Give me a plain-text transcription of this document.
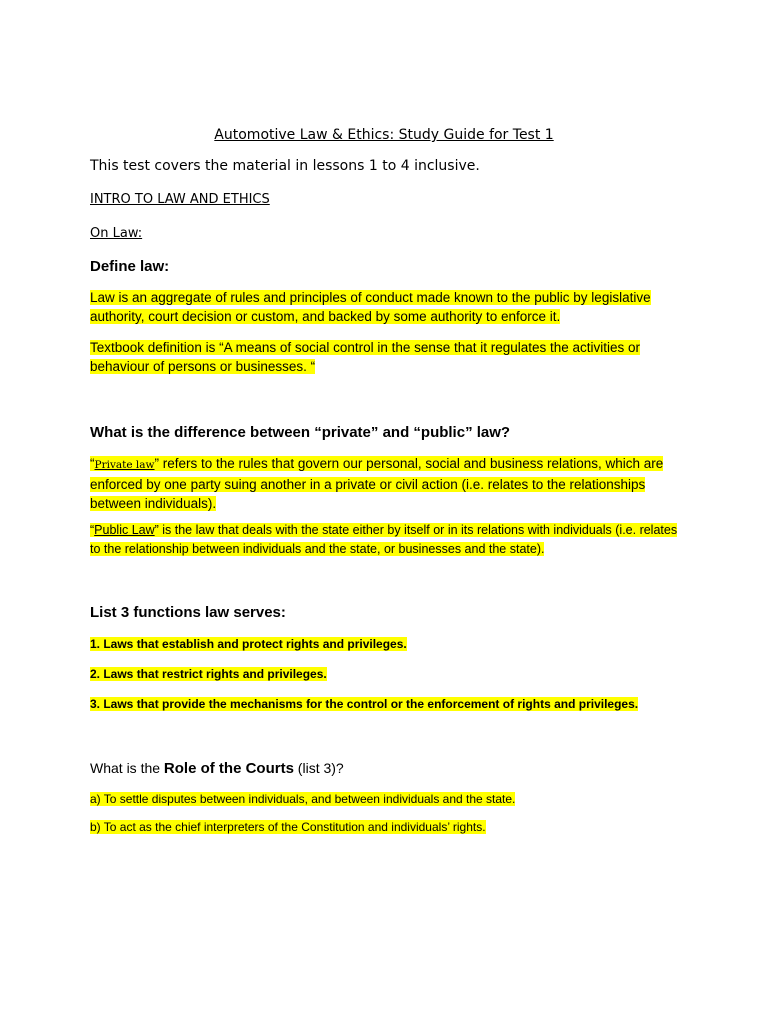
Automotive Law & Ethics: Study Guide for Test 1
This test covers the material in lessons 1 to 4 inclusive.
INTRO TO LAW AND ETHICS
On Law:
Define law:
Law is an aggregate of rules and principles of conduct made known to the public by legislative authority, court decision or custom, and backed by some authority to enforce it.
Textbook definition is “A means of social control in the sense that it regulates the activities or behaviour of persons or businesses. “
What is the difference between “private” and “public” law?
“Private law” refers to the rules that govern our personal, social and business relations, which are enforced by one party suing another in a private or civil action (i.e. relates to the relationships between individuals).
“Public Law” is the law that deals with the state either by itself or in its relations with individuals (i.e. relates to the relationship between individuals and the state, or businesses and the state).
List 3 functions law serves:
1. Laws that establish and protect rights and privileges.
2. Laws that restrict rights and privileges.
3. Laws that provide the mechanisms for the control or the enforcement of rights and privileges.
What is the Role of the Courts (list 3)?
a) To settle disputes between individuals, and between individuals and the state.
b) To act as the chief interpreters of the Constitution and individuals’ rights.
